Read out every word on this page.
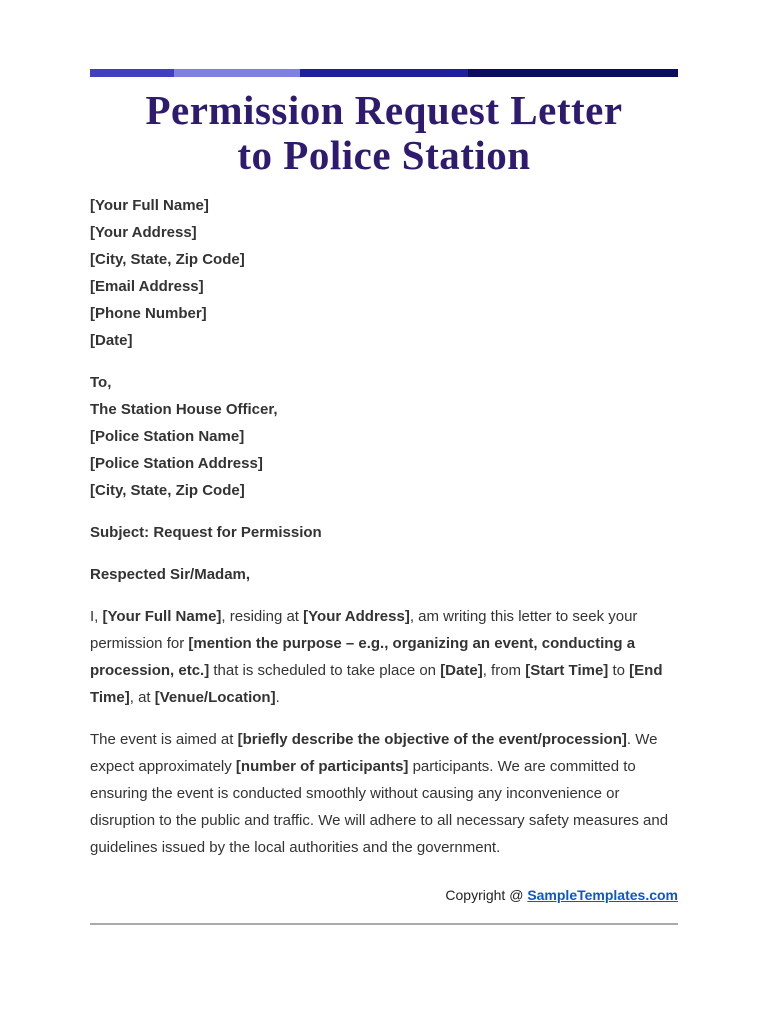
Permission Request Letter
to Police Station
[Your Full Name]
[Your Address]
[City, State, Zip Code]
[Email Address]
[Phone Number]
[Date]
To,
The Station House Officer,
[Police Station Name]
[Police Station Address]
[City, State, Zip Code]
Subject: Request for Permission
Respected Sir/Madam,

I, [Your Full Name], residing at [Your Address], am writing this letter to seek your permission for [mention the purpose – e.g., organizing an event, conducting a procession, etc.] that is scheduled to take place on [Date], from [Start Time] to [End Time], at [Venue/Location].

The event is aimed at [briefly describe the objective of the event/procession]. We expect approximately [number of participants] participants. We are committed to ensuring the event is conducted smoothly without causing any inconvenience or disruption to the public and traffic. We will adhere to all necessary safety measures and guidelines issued by the local authorities and the government.

Copyright @ SampleTemplates.com
